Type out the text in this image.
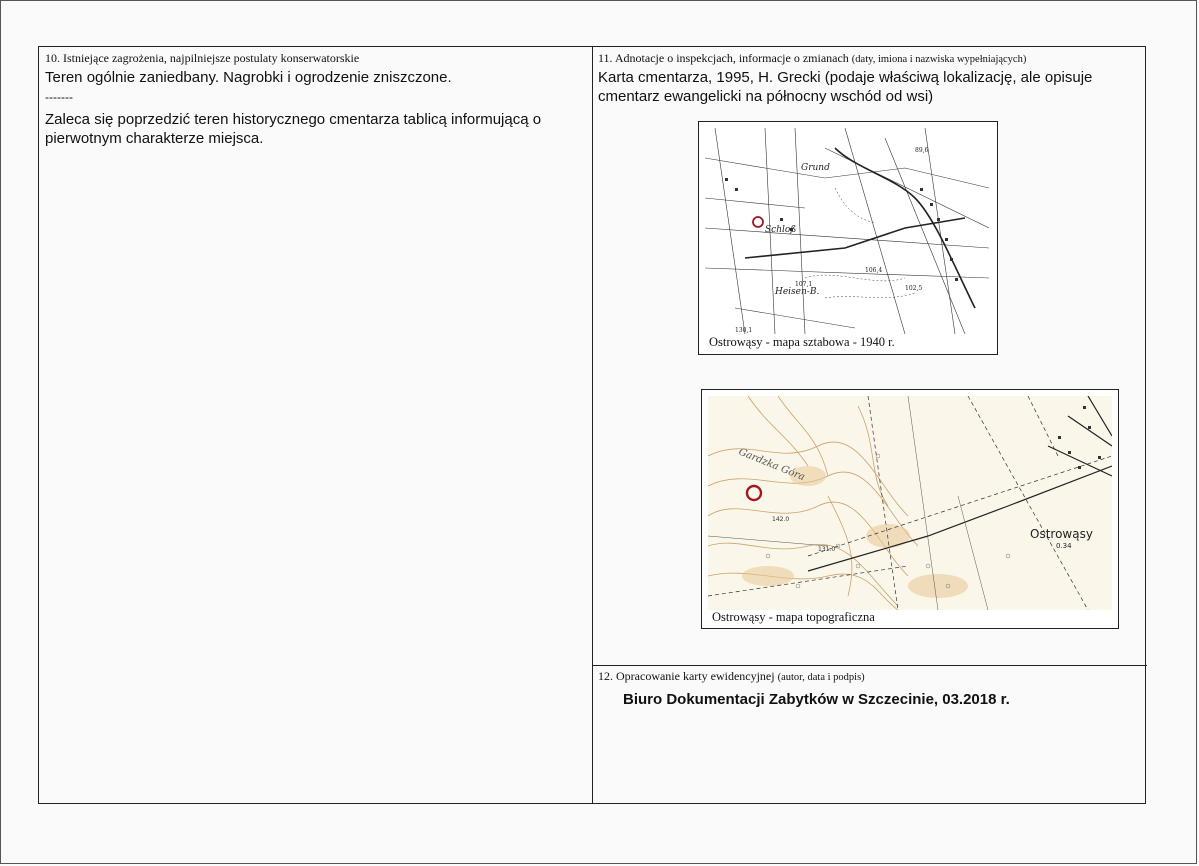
10. Istniejące zagrożenia, najpilniejsze postulaty konserwatorskie
Teren ogólnie zaniedbany. Nagrobki i ogrodzenie zniszczone.
-------
Zaleca się poprzedzić teren historycznego cmentarza tablicą informującą o pierwotnym charakterze miejsca.
11. Adnotacje o inspekcjach, informacje o zmianach (daty, imiona i nazwiska wypełniających)
Karta cmentarza, 1995, H. Grecki (podaje właściwą lokalizację, ale opisuje cmentarz ewangelicki na północny wschód od wsi)
Grund
Heisen-B.
Schloß
106,4
102,5
130,1
107,1
89,6
Ostrowąsy - mapa sztabowa - 1940 r.
Gardzka Góra
Ostrowąsy
0.34
142.0
131.0
Ostrowąsy - mapa topograficzna
12. Opracowanie karty ewidencyjnej (autor, data i podpis)
Biuro Dokumentacji Zabytków w Szczecinie, 03.2018 r.
